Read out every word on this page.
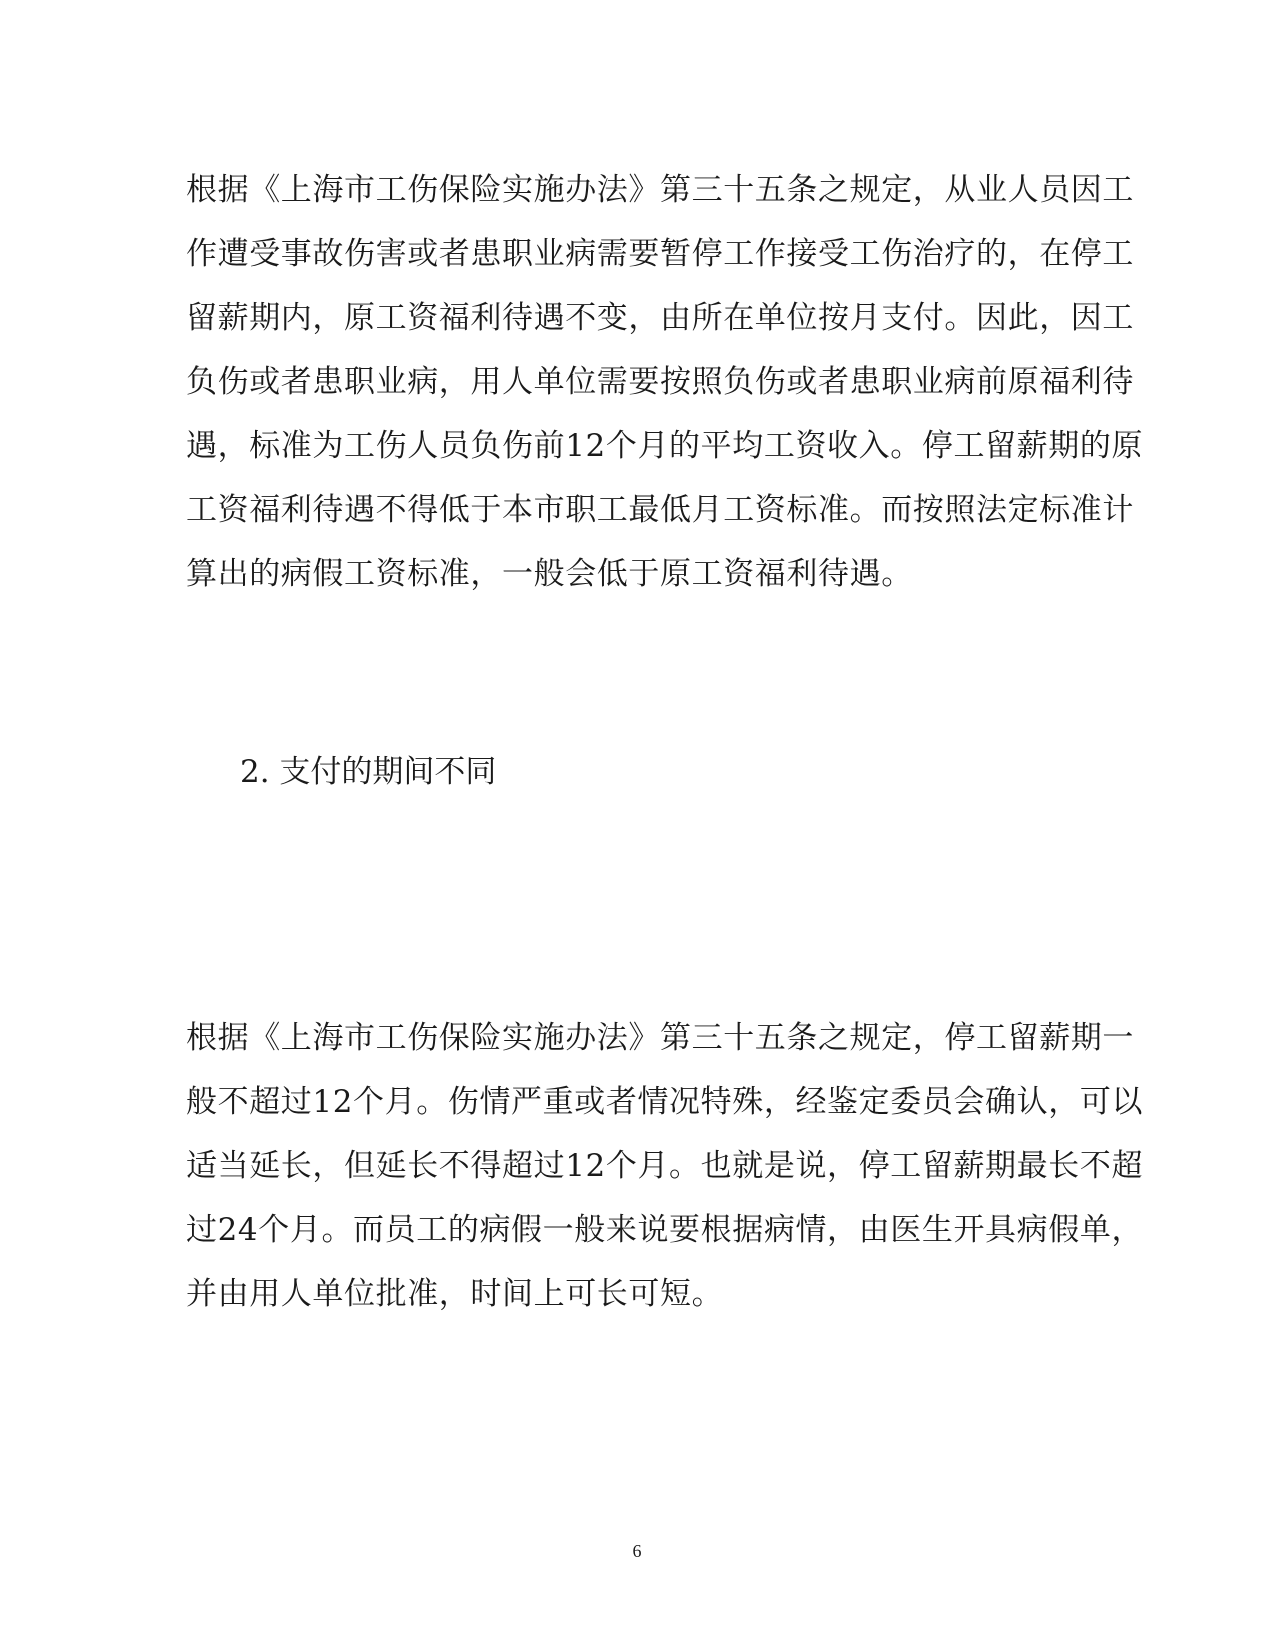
根据《上海市工伤保险实施办法》第三十五条之规定，从业人员因工
作遭受事故伤害或者患职业病需要暂停工作接受工伤治疗的，在停工
留薪期内，原工资福利待遇不变，由所在单位按月支付。因此，因工
负伤或者患职业病，用人单位需要按照负伤或者患职业病前原福利待
遇，标准为工伤人员负伤前12个月的平均工资收入。停工留薪期的原
工资福利待遇不得低于本市职工最低月工资标准。而按照法定标准计
算出的病假工资标准，一般会低于原工资福利待遇。
2. 支付的期间不同
根据《上海市工伤保险实施办法》第三十五条之规定，停工留薪期一
般不超过12个月。伤情严重或者情况特殊，经鉴定委员会确认，可以
适当延长，但延长不得超过12个月。也就是说，停工留薪期最长不超
过24个月。而员工的病假一般来说要根据病情，由医生开具病假单，
并由用人单位批准，时间上可长可短。
6
